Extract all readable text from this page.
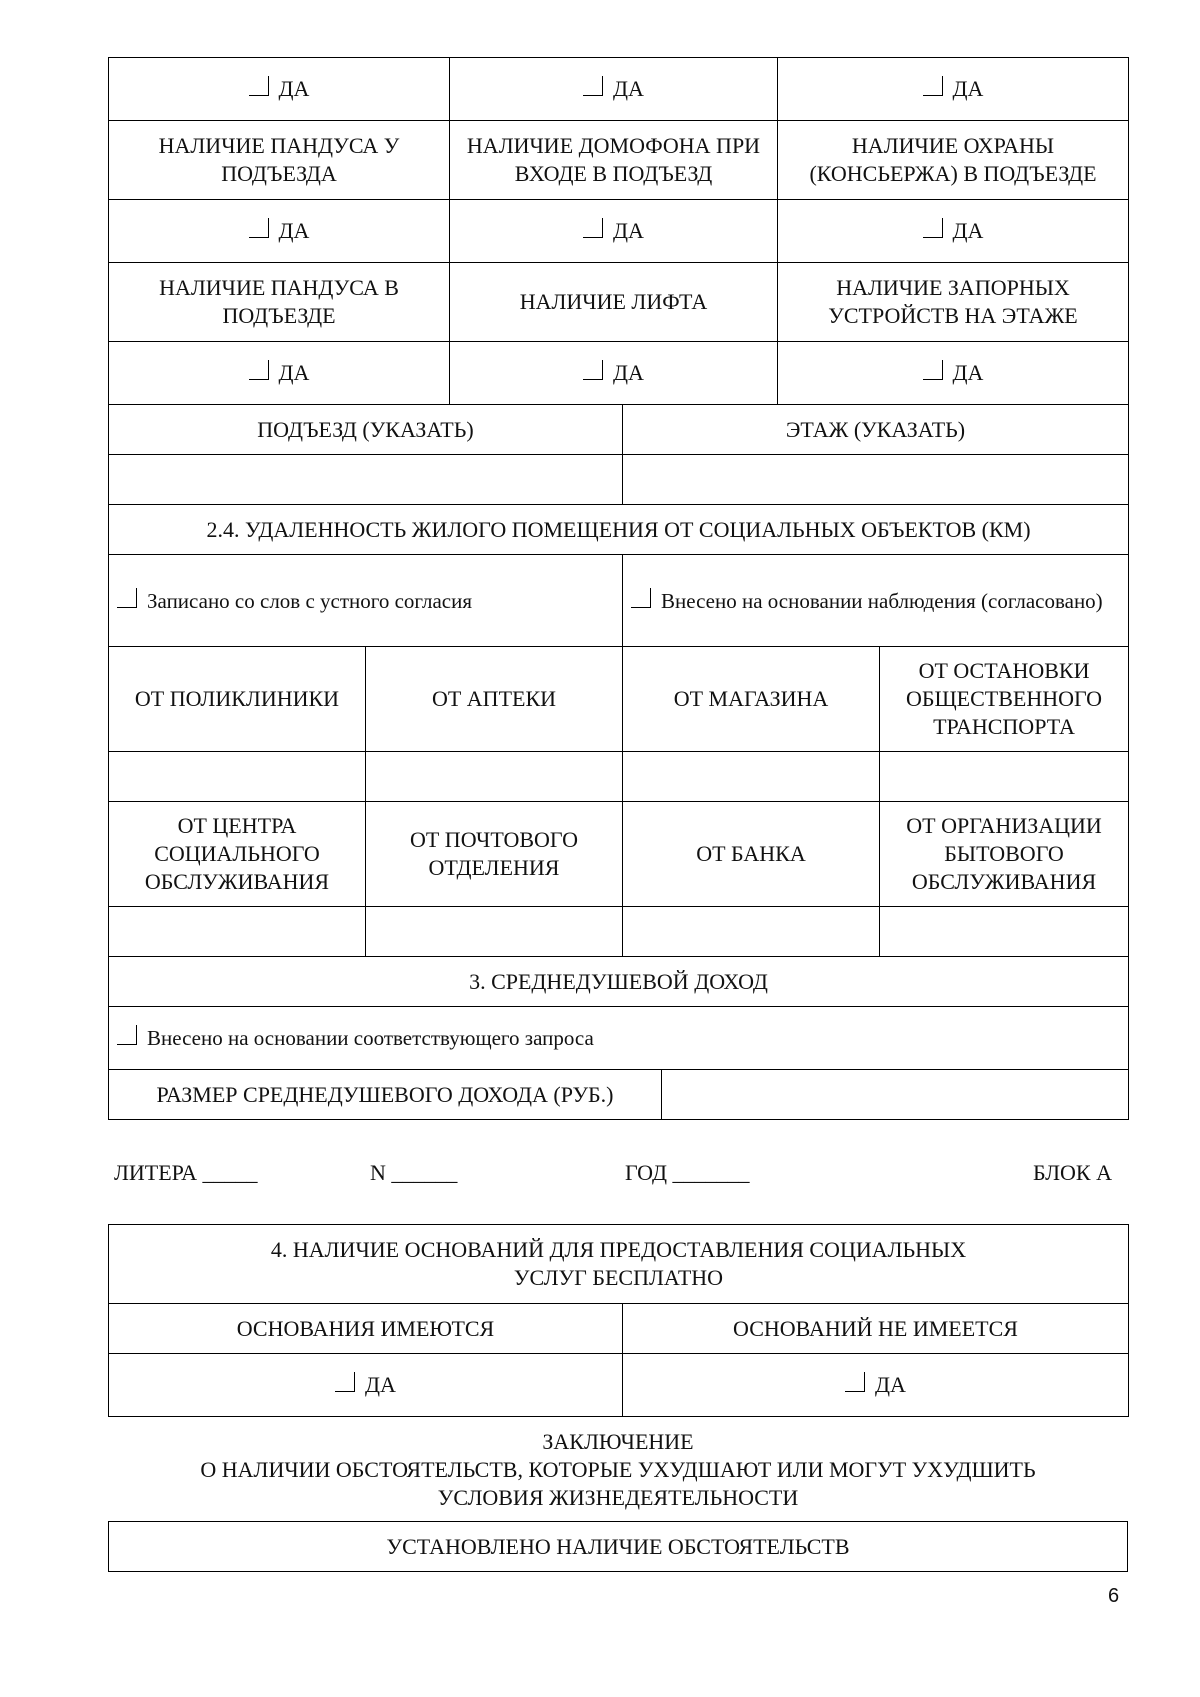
ДА	ДА	ДА
НАЛИЧИЕ ПАНДУСА У ПОДЪЕЗДА	НАЛИЧИЕ ДОМОФОНА ПРИ ВХОДЕ В ПОДЪЕЗД	НАЛИЧИЕ ОХРАНЫ (КОНСЬЕРЖА) В ПОДЪЕЗДЕ
ДА	ДА	ДА
НАЛИЧИЕ ПАНДУСА В ПОДЪЕЗДЕ	НАЛИЧИЕ ЛИФТА	НАЛИЧИЕ ЗАПОРНЫХ УСТРОЙСТВ НА ЭТАЖЕ
ДА	ДА	ДА
ПОДЪЕЗД (УКАЗАТЬ)	ЭТАЖ (УКАЗАТЬ)

2.4. УДАЛЕННОСТЬ ЖИЛОГО ПОМЕЩЕНИЯ ОТ СОЦИАЛЬНЫХ ОБЪЕКТОВ (КМ)			
Записано со слов с устного согласия		Внесено на основании наблюдения (согласовано)	
ОТ ПОЛИКЛИНИКИ	ОТ АПТЕКИ	ОТ МАГАЗИНА	ОТ ОСТАНОВКИ ОБЩЕСТВЕННОГО ТРАНСПОРТА

ОТ ЦЕНТРА СОЦИАЛЬНОГО ОБСЛУЖИВАНИЯ	ОТ ПОЧТОВОГО ОТДЕЛЕНИЯ	ОТ БАНКА	ОТ ОРГАНИЗАЦИИ БЫТОВОГО ОБСЛУЖИВАНИЯ

3. СРЕДНЕДУШЕВОЙ ДОХОД
Внесено на основании соответствующего запроса
РАЗМЕР СРЕДНЕДУШЕВОГО ДОХОДА (РУБ.)	
ЛИТЕРА _____	N ______	ГОД _______	БЛОК А
4. НАЛИЧИЕ ОСНОВАНИЙ ДЛЯ ПРЕДОСТАВЛЕНИЯ СОЦИАЛЬНЫХ УСЛУГ БЕСПЛАТНО	
ОСНОВАНИЯ ИМЕЮТСЯ	ОСНОВАНИЙ НЕ ИМЕЕТСЯ
ДА	ДА
ЗАКЛЮЧЕНИЕ
О НАЛИЧИИ ОБСТОЯТЕЛЬСТВ, КОТОРЫЕ УХУДШАЮТ ИЛИ МОГУТ УХУДШИТЬ
УСЛОВИЯ ЖИЗНЕДЕЯТЕЛЬНОСТИ
УСТАНОВЛЕНО НАЛИЧИЕ ОБСТОЯТЕЛЬСТВ
6
